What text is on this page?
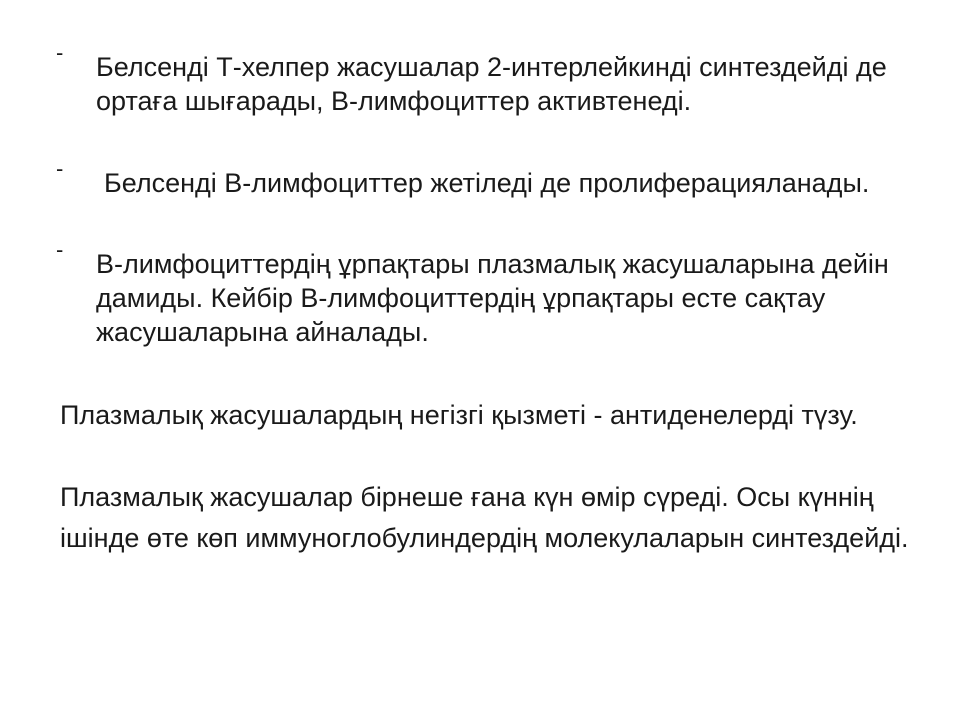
- Белсенді Т-хелпер жасушалар 2-интерлейкинді синтездейді де ортаға шығарады, В-лимфоциттер активтенеді.
- Белсенді В-лимфоциттер жетіледі де пролиферацияланады.
- В-лимфоциттердің ұрпақтары плазмалық жасушаларына дейін дамиды. Кейбір В-лимфоциттердің ұрпақтары есте сақтау жасушаларына айналады.
Плазмалық жасушалардың негізгі қызметі - антиденелерді түзу.
Плазмалық жасушалар бірнеше ғана күн өмір сүреді. Осы күннің ішінде өте көп иммуноглобулиндердің молекулаларын синтездейді.
